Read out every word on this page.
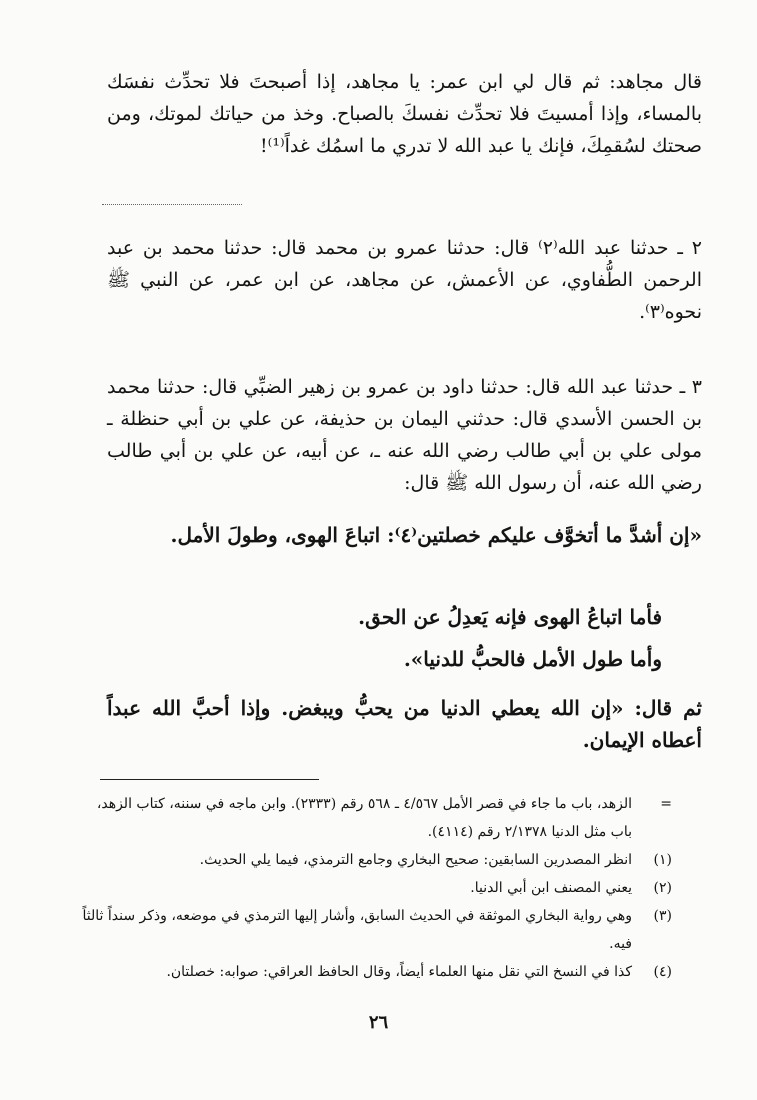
قال مجاهد: ثم قال لي ابن عمر: يا مجاهد، إذا أصبحتَ فلا تحدِّث نفسَك بالمساء، وإذا أمسيتَ فلا تحدِّث نفسكَ بالصباح. وخذ من حياتك لموتك، ومن صحتك لسُقمِكَ، فإنك يا عبد الله لا تدري ما اسمُك غداً⁽¹⁾!

٢ ـ حدثنا عبد الله⁽٢⁾ قال: حدثنا عمرو بن محمد قال: حدثنا محمد بن عبد الرحمن الطُّفاوي، عن الأعمش، عن مجاهد، عن ابن عمر، عن النبي ﷺ نحوه⁽٣⁾.

٣ ـ حدثنا عبد الله قال: حدثنا داود بن عمرو بن زهير الضبِّي قال: حدثنا محمد بن الحسن الأسدي قال: حدثني اليمان بن حذيفة، عن علي بن أبي حنظلة ـ مولى علي بن أبي طالب رضي الله عنه ـ، عن أبيه، عن علي بن أبي طالب رضي الله عنه، أن رسول الله ﷺ قال:

«إن أشدَّ ما أتخوَّف عليكم خصلتين⁽٤⁾: اتباعَ الهوى، وطولَ الأمل.

فأما اتباعُ الهوى فإنه يَعدِلُ عن الحق.

وأما طول الأمل فالحبُّ للدنيا».

ثم قال: «إن الله يعطي الدنيا من يحبُّ ويبغض. وإذا أحبَّ الله عبداً أعطاه الإيمان.

=
الزهد، باب ما جاء في قصر الأمل ٤/٥٦٧ ـ ٥٦٨ رقم (٢٣٣٣). وابن ماجه في سننه، كتاب الزهد، باب مثل الدنيا ٢/١٣٧٨ رقم (٤١١٤).
(١)
انظر المصدرين السابقين: صحيح البخاري وجامع الترمذي، فيما يلي الحديث.
(٢)
يعني المصنف ابن أبي الدنيا.
(٣)
وهي رواية البخاري الموثقة في الحديث السابق، وأشار إليها الترمذي في موضعه، وذكر سنداً ثالثاً فيه.
(٤)
كذا في النسخ التي نقل منها العلماء أيضاً، وقال الحافظ العراقي: صوابه: خصلتان.
٢٦
